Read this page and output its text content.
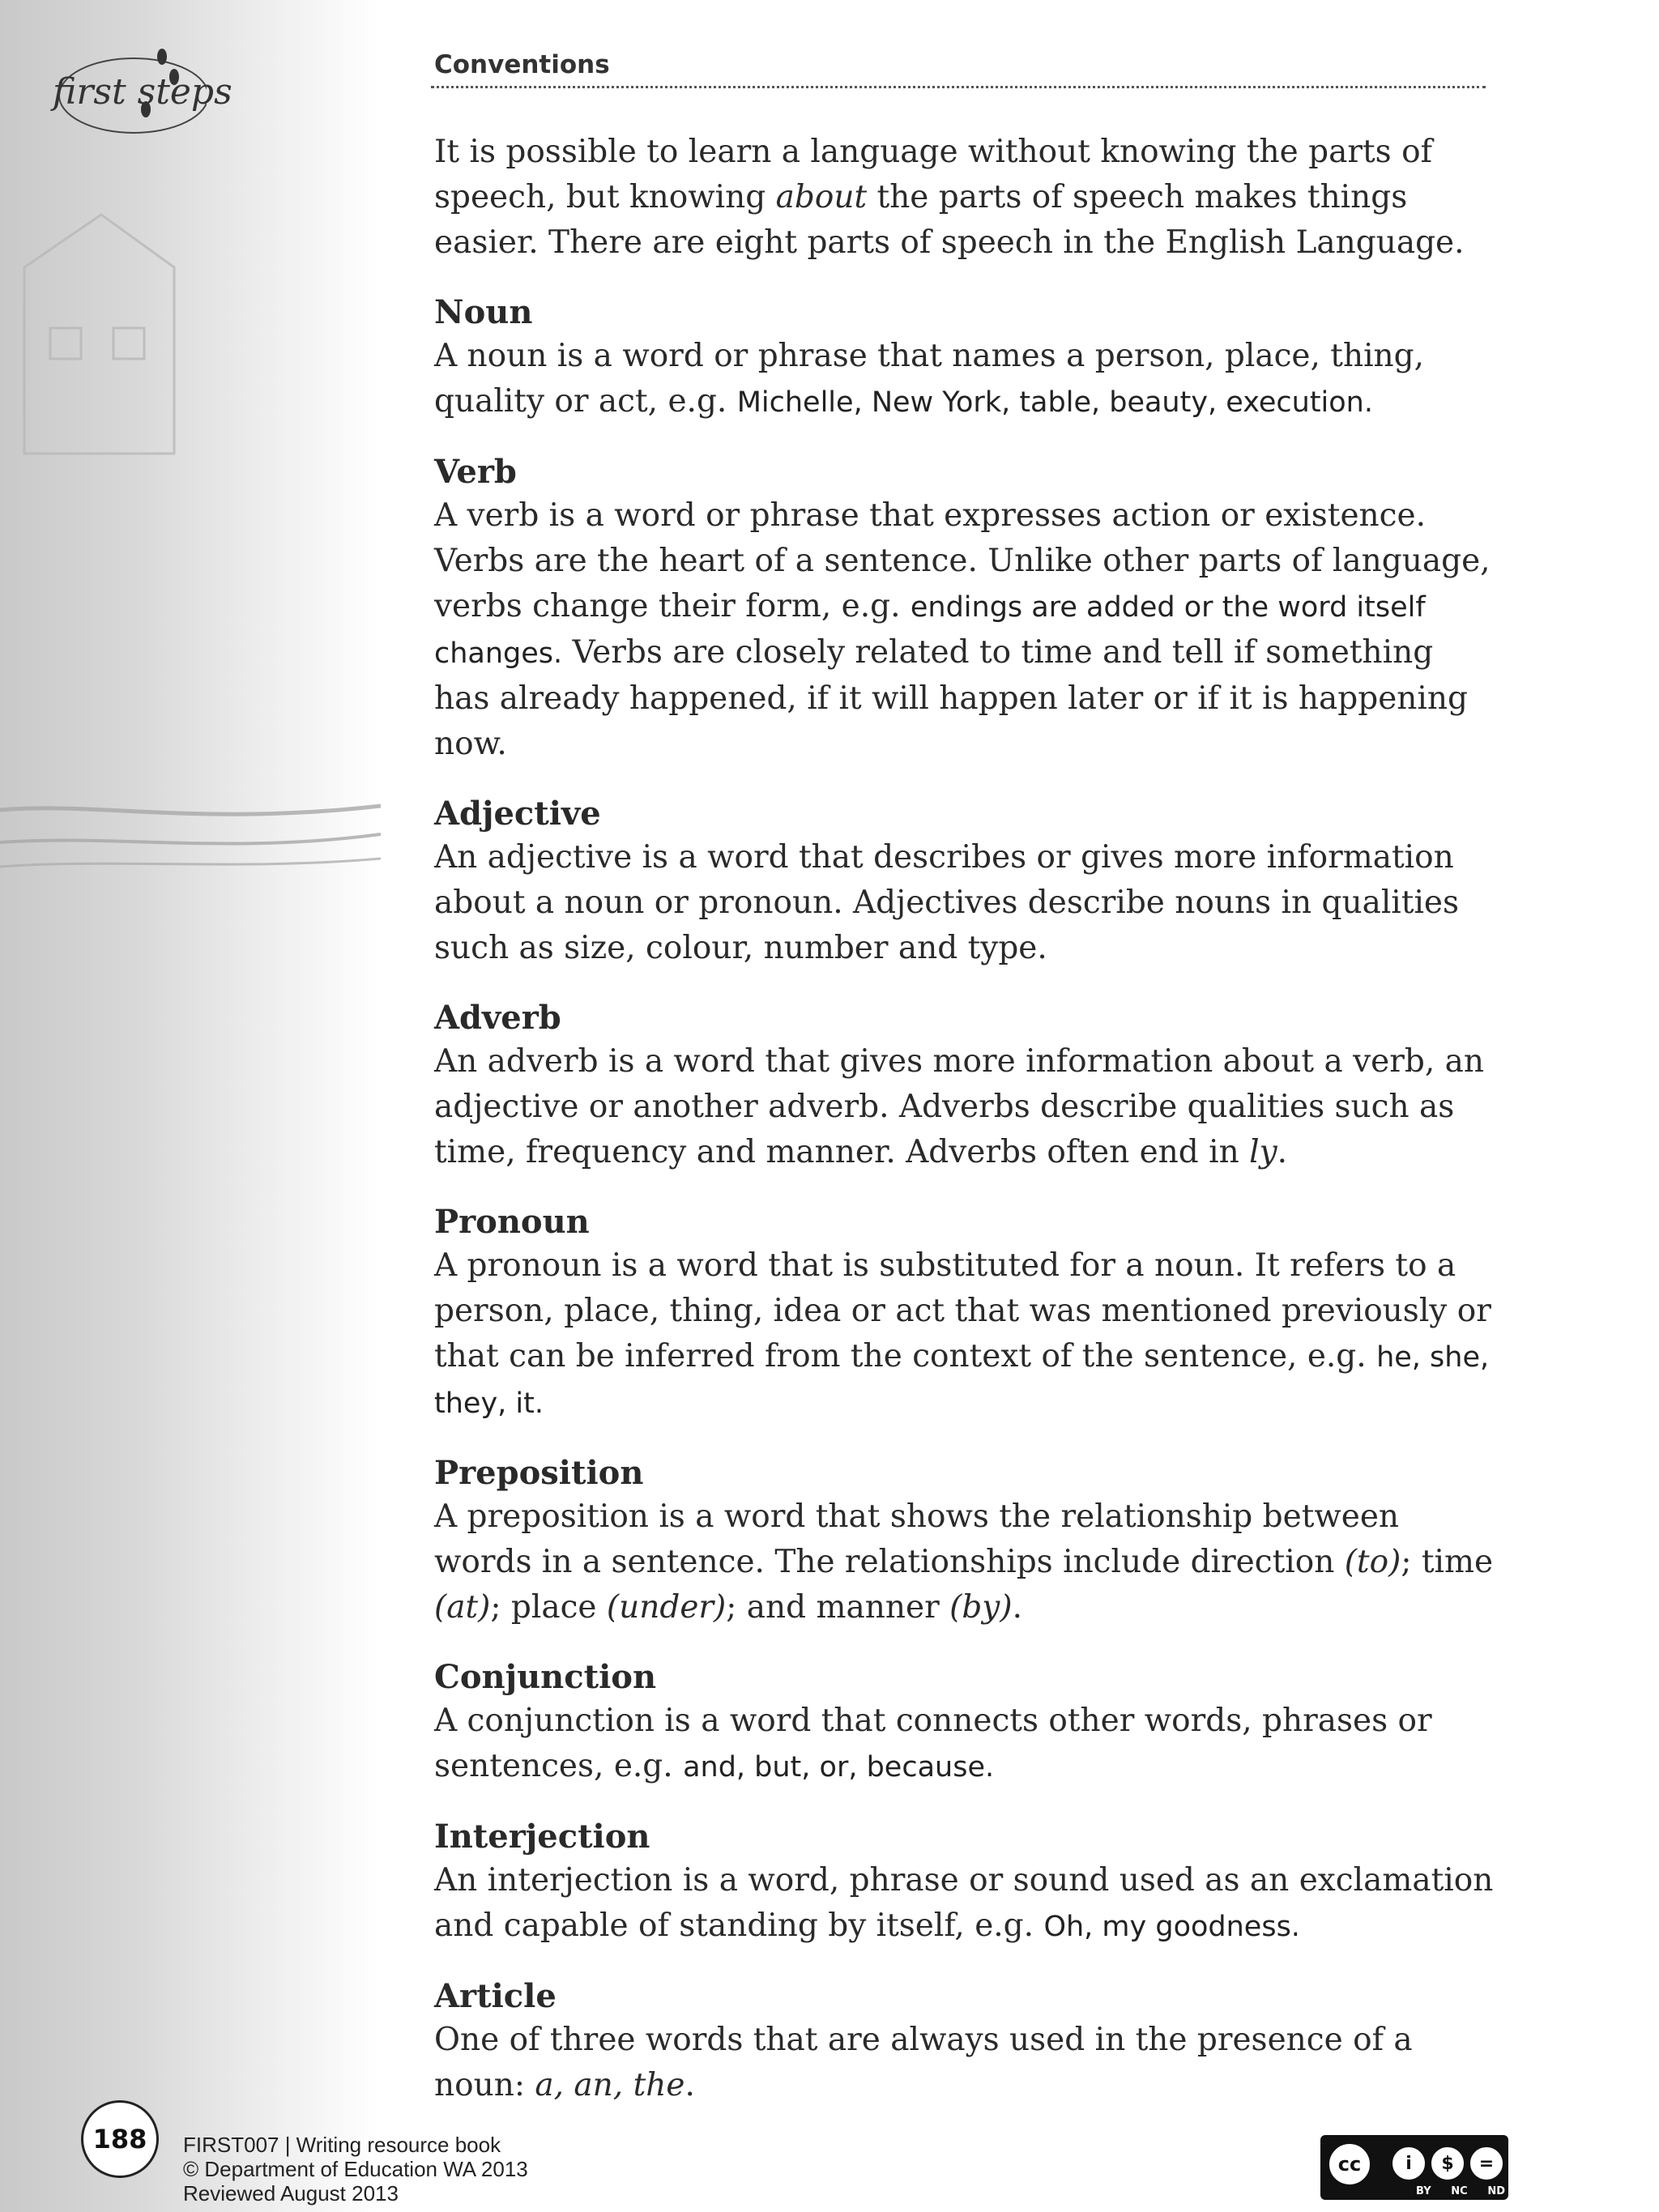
first steps
Conventions

It is possible to learn a language without knowing the parts of speech, but knowing about the parts of speech makes things easier. There are eight parts of speech in the English Language.

Noun

A noun is a word or phrase that names a person, place, thing, quality or act, e.g. Michelle, New York, table, beauty, execution.

Verb

A verb is a word or phrase that expresses action or existence. Verbs are the heart of a sentence. Unlike other parts of language, verbs change their form, e.g. endings are added or the word itself changes. Verbs are closely related to time and tell if something has already happened, if it will happen later or if it is happening now.

Adjective

An adjective is a word that describes or gives more information about a noun or pronoun. Adjectives describe nouns in qualities such as size, colour, number and type.

Adverb

An adverb is a word that gives more information about a verb, an adjective or another adverb. Adverbs describe qualities such as time, frequency and manner. Adverbs often end in ly.

Pronoun

A pronoun is a word that is substituted for a noun. It refers to a person, place, thing, idea or act that was mentioned previously or that can be inferred from the context of the sentence, e.g. he, she, they, it.

Preposition

A preposition is a word that shows the relationship between words in a sentence. The relationships include direction (to); time (at); place (under); and manner (by).

Conjunction

A conjunction is a word that connects other words, phrases or sentences, e.g. and, but, or, because.

Interjection

An interjection is a word, phrase or sound used as an exclamation and capable of standing by itself, e.g. Oh, my goodness.

Article

One of three words that are always used in the presence of a noun: a, an, the.

188	FIRST007 | Writing resource book
© Department of Education WA 2013
Reviewed August 2013
cc	i	$	=
BY NC ND
